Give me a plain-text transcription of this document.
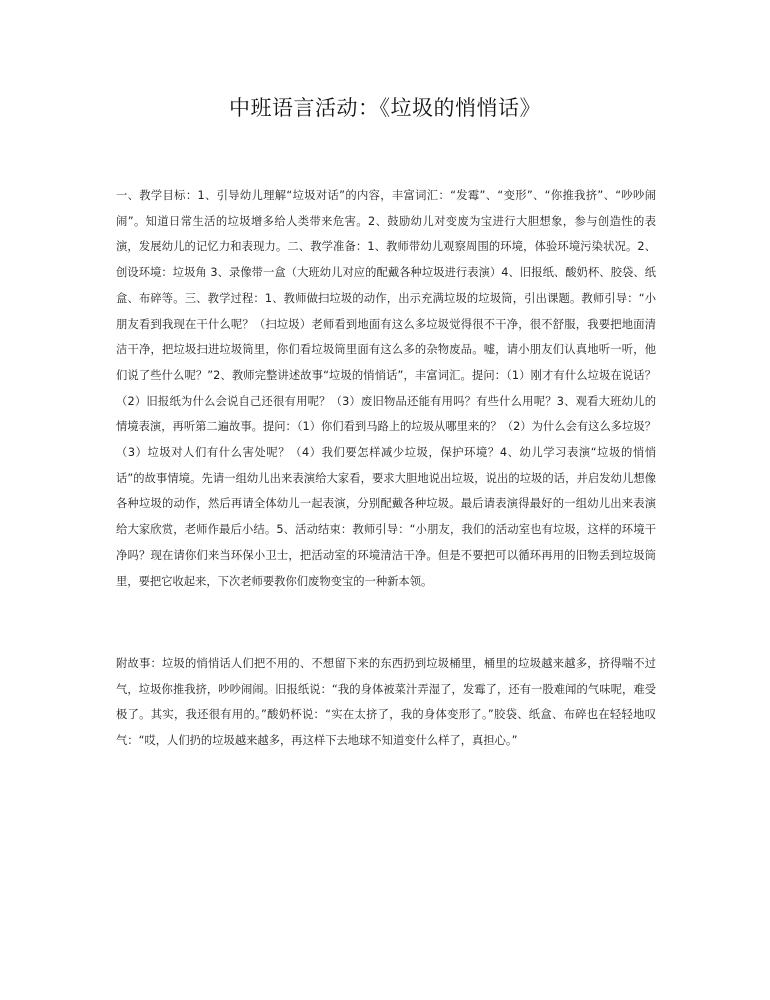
中班语言活动：《垃圾的悄悄话》

一、教学目标：1、引导幼儿理解“垃圾对话”的内容，丰富词汇：“发霉”、“变形”、“你推我挤”、“吵吵闹闹”。知道日常生活的垃圾增多给人类带来危害。2、鼓励幼儿对变废为宝进行大胆想象，参与创造性的表演，发展幼儿的记忆力和表现力。二、教学准备：1、教师带幼儿观察周围的环境，体验环境污染状况。2、创设环境：垃圾角 3、录像带一盒（大班幼儿对应的配戴各种垃圾进行表演）4、旧报纸、酸奶杯、胶袋、纸盒、布碎等。三、教学过程：1、教师做扫垃圾的动作，出示充满垃圾的垃圾筒，引出课题。教师引导：“小朋友看到我现在干什么呢？（扫垃圾）老师看到地面有这么多垃圾觉得很不干净，很不舒服，我要把地面清洁干净，把垃圾扫进垃圾筒里，你们看垃圾筒里面有这么多的杂物废品。嘘，请小朋友们认真地听一听，他们说了些什么呢？”2、教师完整讲述故事“垃圾的悄悄话”，丰富词汇。提问：（1）刚才有什么垃圾在说话？（2）旧报纸为什么会说自己还很有用呢？（3）废旧物品还能有用吗？有些什么用呢？3、观看大班幼儿的情境表演，再听第二遍故事。提问：（1）你们看到马路上的垃圾从哪里来的？（2）为什么会有这么多垃圾？（3）垃圾对人们有什么害处呢？（4）我们要怎样减少垃圾，保护环境？4、幼儿学习表演“垃圾的悄悄话”的故事情境。先请一组幼儿出来表演给大家看，要求大胆地说出垃圾，说出的垃圾的话，并启发幼儿想像各种垃圾的动作，然后再请全体幼儿一起表演，分别配戴各种垃圾。最后请表演得最好的一组幼儿出来表演给大家欣赏，老师作最后小结。5、活动结束：教师引导：“小朋友，我们的活动室也有垃圾，这样的环境干净吗？现在请你们来当环保小卫士，把活动室的环境清洁干净。但是不要把可以循环再用的旧物丢到垃圾筒里，要把它收起来，下次老师要教你们废物变宝的一种新本领。

附故事：垃圾的悄悄话人们把不用的、不想留下来的东西扔到垃圾桶里，桶里的垃圾越来越多，挤得喘不过气，垃圾你推我挤，吵吵闹闹。旧报纸说：“我的身体被菜汁弄湿了，发霉了，还有一股难闻的气味呢，难受极了。其实，我还很有用的。”酸奶杯说：“实在太挤了，我的身体变形了。”胶袋、纸盒、布碎也在轻轻地叹气：“哎，人们扔的垃圾越来越多，再这样下去地球不知道变什么样了，真担心。”
